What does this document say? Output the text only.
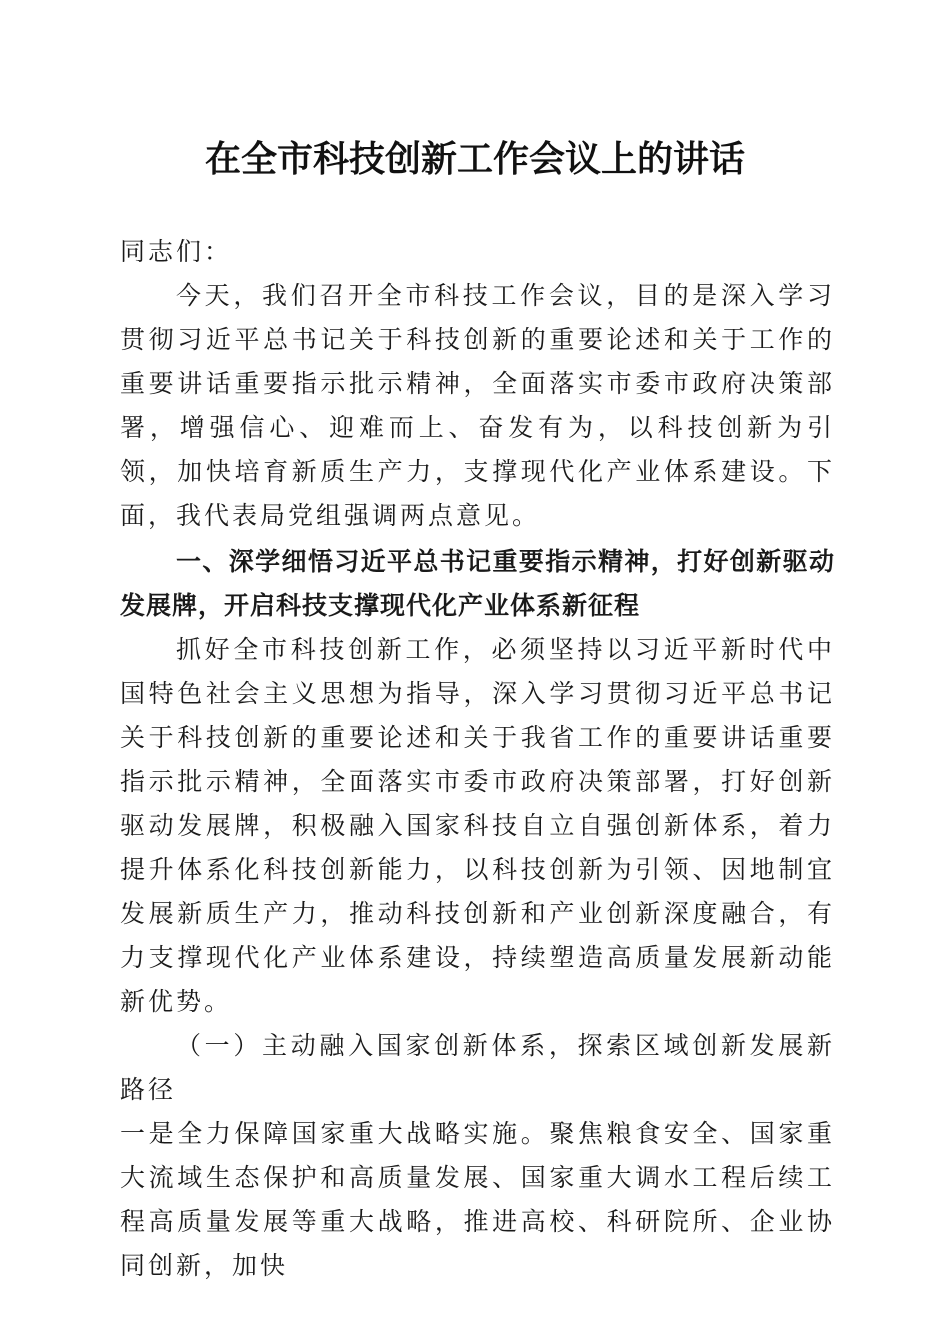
在全市科技创新工作会议上的讲话

同志们：

今天，我们召开全市科技工作会议，目的是深入学习贯彻习近平总书记关于科技创新的重要论述和关于工作的重要讲话重要指示批示精神，全面落实市委市政府决策部署，增强信心、迎难而上、奋发有为，以科技创新为引领，加快培育新质生产力，支撑现代化产业体系建设。下面，我代表局党组强调两点意见。

一、深学细悟习近平总书记重要指示精神，打好创新驱动发展牌，开启科技支撑现代化产业体系新征程

抓好全市科技创新工作，必须坚持以习近平新时代中国特色社会主义思想为指导，深入学习贯彻习近平总书记关于科技创新的重要论述和关于我省工作的重要讲话重要指示批示精神，全面落实市委市政府决策部署，打好创新驱动发展牌，积极融入国家科技自立自强创新体系，着力提升体系化科技创新能力，以科技创新为引领、因地制宜发展新质生产力，推动科技创新和产业创新深度融合，有力支撑现代化产业体系建设，持续塑造高质量发展新动能新优势。

（一）主动融入国家创新体系，探索区域创新发展新路径

一是全力保障国家重大战略实施。聚焦粮食安全、国家重大流域生态保护和高质量发展、国家重大调水工程后续工程高质量发展等重大战略，推进高校、科研院所、企业协同创新，加快
